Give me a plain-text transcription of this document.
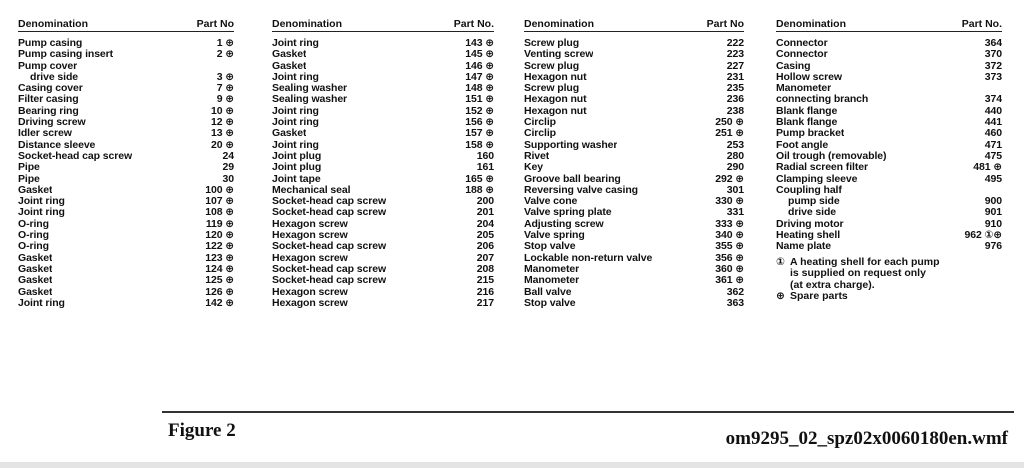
Denomination	Part No
Pump casing	1 ⊕
Pump casing insert	2 ⊕
Pump cover
drive side	3 ⊕
Casing cover	7 ⊕
Filter casing	9 ⊕
Bearing ring	10 ⊕
Driving screw	12 ⊕
Idler screw	13 ⊕
Distance sleeve	20 ⊕
Socket-head cap screw	24
Pipe	29
Pipe	30
Gasket	100 ⊕
Joint ring	107 ⊕
Joint ring	108 ⊕
O-ring	119 ⊕
O-ring	120 ⊕
O-ring	122 ⊕
Gasket	123 ⊕
Gasket	124 ⊕
Gasket	125 ⊕
Gasket	126 ⊕
Joint ring	142 ⊕
Denomination	Part No.
Joint ring	143 ⊕
Gasket	145 ⊕
Gasket	146 ⊕
Joint ring	147 ⊕
Sealing washer	148 ⊕
Sealing washer	151 ⊕
Joint ring	152 ⊕
Joint ring	156 ⊕
Gasket	157 ⊕
Joint ring	158 ⊕
Joint plug	160
Joint plug	161
Joint tape	165 ⊕
Mechanical seal	188 ⊕
Socket-head cap screw	200
Socket-head cap screw	201
Hexagon screw	204
Hexagon screw	205
Socket-head cap screw	206
Hexagon screw	207
Socket-head cap screw	208
Socket-head cap screw	215
Hexagon screw	216
Hexagon screw	217
Denomination	Part No
Screw plug	222
Venting screw	223
Screw plug	227
Hexagon nut	231
Screw plug	235
Hexagon nut	236
Hexagon nut	238
Circlip	250 ⊕
Circlip	251 ⊕
Supporting washer	253
Rivet	280
Key	290
Groove ball bearing	292 ⊕
Reversing valve casing	301
Valve cone	330 ⊕
Valve spring plate	331
Adjusting screw	333 ⊕
Valve spring	340 ⊕
Stop valve	355 ⊕
Lockable non-return valve	356 ⊕
Manometer	360 ⊕
Manometer	361 ⊕
Ball valve	362
Stop valve	363
Denomination	Part No.
Connector	364
Connector	370
Casing	372
Hollow screw	373
Manometer
connecting branch	374
Blank flange	440
Blank flange	441
Pump bracket	460
Foot angle	471
Oil trough (removable)	475
Radial screen filter	481 ⊕
Clamping sleeve	495
Coupling half
pump side	900
drive side	901
Driving motor	910
Heating shell	962 ①⊕
Name plate	976
① A heating shell for each pump
is supplied on request only
(at extra charge).
⊕ Spare parts
Figure 2	om9295_02_spz02x0060180en.wmf
